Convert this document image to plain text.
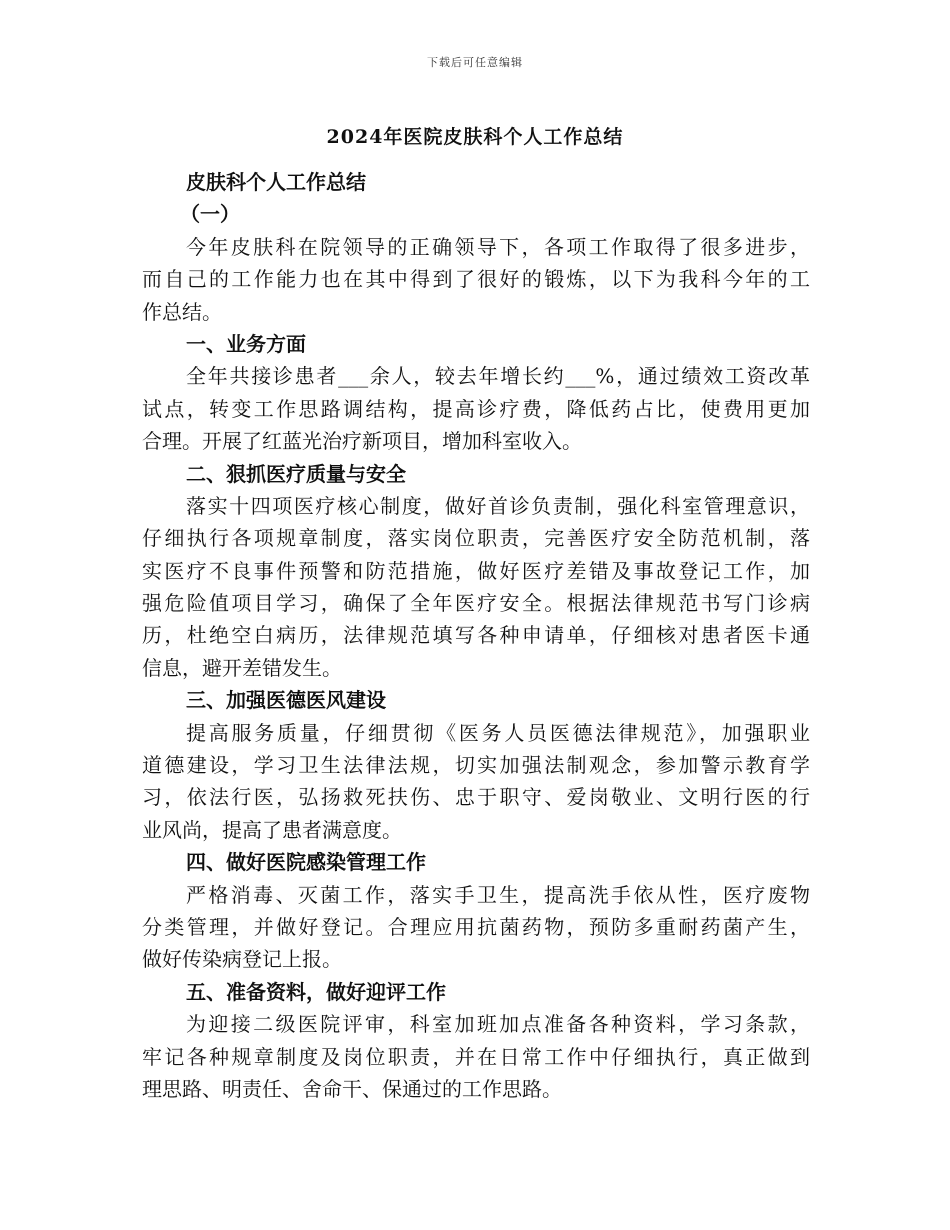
下载后可任意编辑
2024年医院皮肤科个人工作总结
皮肤科个人工作总结
（一）
今年皮肤科在院领导的正确领导下，各项工作取得了很多进步，
而自己的工作能力也在其中得到了很好的锻炼，以下为我科今年的工
作总结。
一、业务方面
全年共接诊患者___余人，较去年增长约___%，通过绩效工资改革
试点，转变工作思路调结构，提高诊疗费，降低药占比，使费用更加
合理。开展了红蓝光治疗新项目，增加科室收入。
二、狠抓医疗质量与安全
落实十四项医疗核心制度，做好首诊负责制，强化科室管理意识，
仔细执行各项规章制度，落实岗位职责，完善医疗安全防范机制，落
实医疗不良事件预警和防范措施，做好医疗差错及事故登记工作，加
强危险值项目学习，确保了全年医疗安全。根据法律规范书写门诊病
历，杜绝空白病历，法律规范填写各种申请单，仔细核对患者医卡通
信息，避开差错发生。
三、加强医德医风建设
提高服务质量，仔细贯彻《医务人员医德法律规范》，加强职业
道德建设，学习卫生法律法规，切实加强法制观念，参加警示教育学
习，依法行医，弘扬救死扶伤、忠于职守、爱岗敬业、文明行医的行
业风尚，提高了患者满意度。
四、做好医院感染管理工作
严格消毒、灭菌工作，落实手卫生，提高洗手依从性，医疗废物
分类管理，并做好登记。合理应用抗菌药物，预防多重耐药菌产生，
做好传染病登记上报。
五、准备资料，做好迎评工作
为迎接二级医院评审，科室加班加点准备各种资料，学习条款，
牢记各种规章制度及岗位职责，并在日常工作中仔细执行，真正做到
理思路、明责任、舍命干、保通过的工作思路。
